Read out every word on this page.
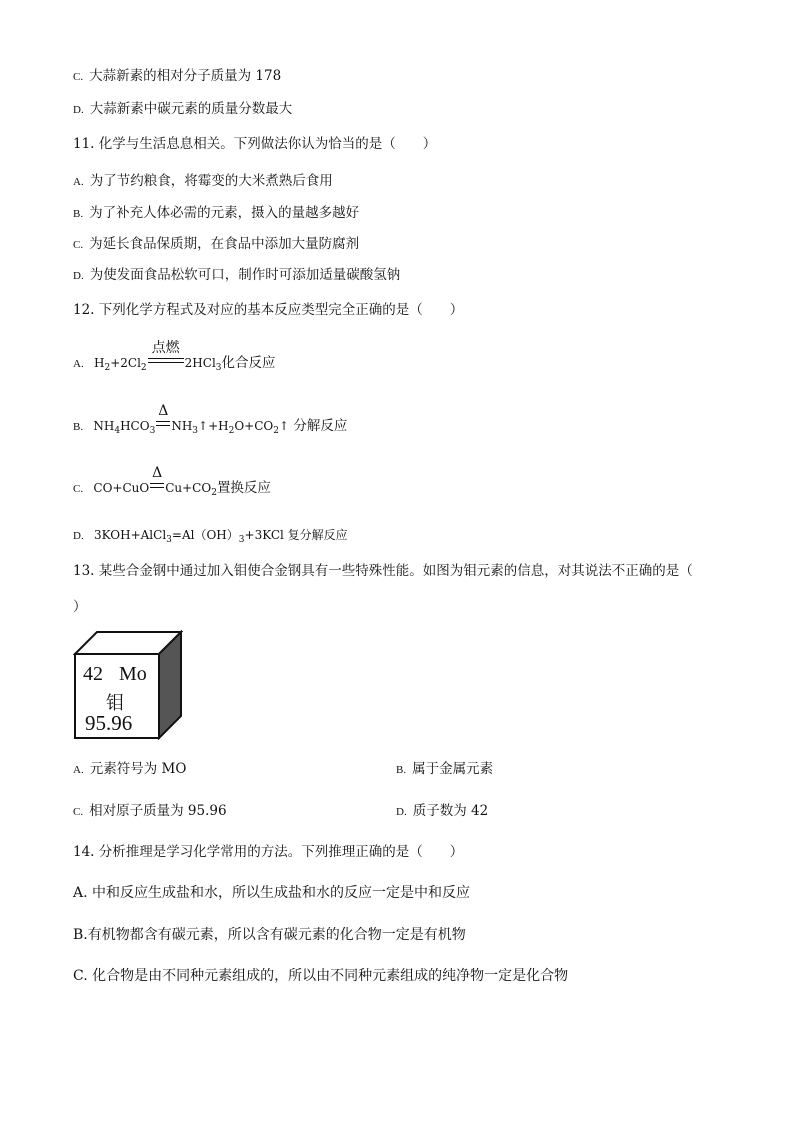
C. 大蒜新素的相对分子质量为 178
D. 大蒜新素中碳元素的质量分数最大
11. 化学与生活息息相关。下列做法你认为恰当的是（　　）
A. 为了节约粮食，将霉变的大米煮熟后食用
B. 为了补充人体必需的元素，摄入的量越多越好
C. 为延长食品保质期，在食品中添加大量防腐剂
D. 为使发面食品松软可口，制作时可添加适量碳酸氢钠
12. 下列化学方程式及对应的基本反应类型完全正确的是（　　）
A. $H_2+2Cl_2$
点燃
2HCl$_3$化合反应
B. $NH_4HCO_3$
Δ
$NH_3↑+H_2O+CO_2↑$ 分解反应
C. CO+CuO
Δ
$Cu+CO_2$置换反应
D. $3KOH+AlCl_3=Al(OH)_3+3KCl$ 复分解反应
13. 某些合金钢中通过加入钼使合金钢具有一些特殊性能。如图为钼元素的信息，对其说法不正确的是（
）
42 Mo
钼
95.96
A. 元素符号为 MO	B. 属于金属元素
C. 相对原子质量为 95.96	D. 质子数为 42
14. 分析推理是学习化学常用的方法。下列推理正确的是（　　）
A. 中和反应生成盐和水，所以生成盐和水的反应一定是中和反应
B.有机物都含有碳元素，所以含有碳元素的化合物一定是有机物
C. 化合物是由不同种元素组成的，所以由不同种元素组成的纯净物一定是化合物
